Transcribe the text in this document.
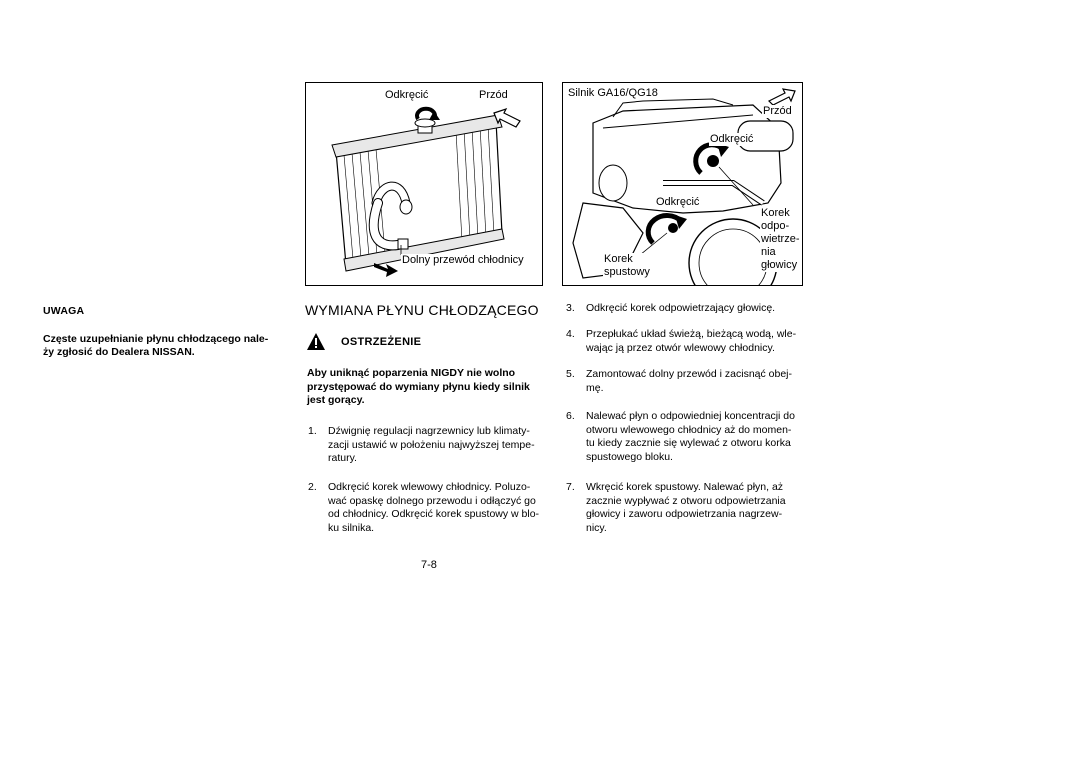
Odkręcić	Przód
Dolny przewód chłodnicy
Silnik GA16/QG18
Przód
Odkręcić
Odkręcić
Korek
odpo-
wietrze-
nia
głowicy
Korek
spustowy
UWAGA
Częste uzupełnianie płynu chłodzącego nale-
ży zgłosić do Dealera NISSAN.
WYMIANA PŁYNU CHŁODZĄCEGO
OSTRZEŻENIE
Aby uniknąć poparzenia NIGDY nie wolno
przystępować do wymiany płynu kiedy silnik
jest gorący.
1.	Dźwignię regulacji nagrzewnicy lub klimaty-
zacji ustawić w położeniu najwyższej tempe-
ratury.
2.	Odkręcić korek wlewowy chłodnicy. Poluzo-
wać opaskę dolnego przewodu i odłączyć go
od chłodnicy. Odkręcić korek spustowy w blo-
ku silnika.
3.	Odkręcić korek odpowietrzający głowicę.
4.	Przepłukać układ świeżą, bieżącą wodą, wle-
wając ją przez otwór wlewowy chłodnicy.
5.	Zamontować dolny przewód i zacisnąć obej-
mę.
6.	Nalewać płyn o odpowiedniej koncentracji do
otworu wlewowego chłodnicy aż do momen-
tu kiedy zacznie się wylewać z otworu korka
spustowego bloku.
7.	Wkręcić korek spustowy. Nalewać płyn, aż
zacznie wypływać z otworu odpowietrzania
głowicy i zaworu odpowietrzania nagrzew-
nicy.
7-8
